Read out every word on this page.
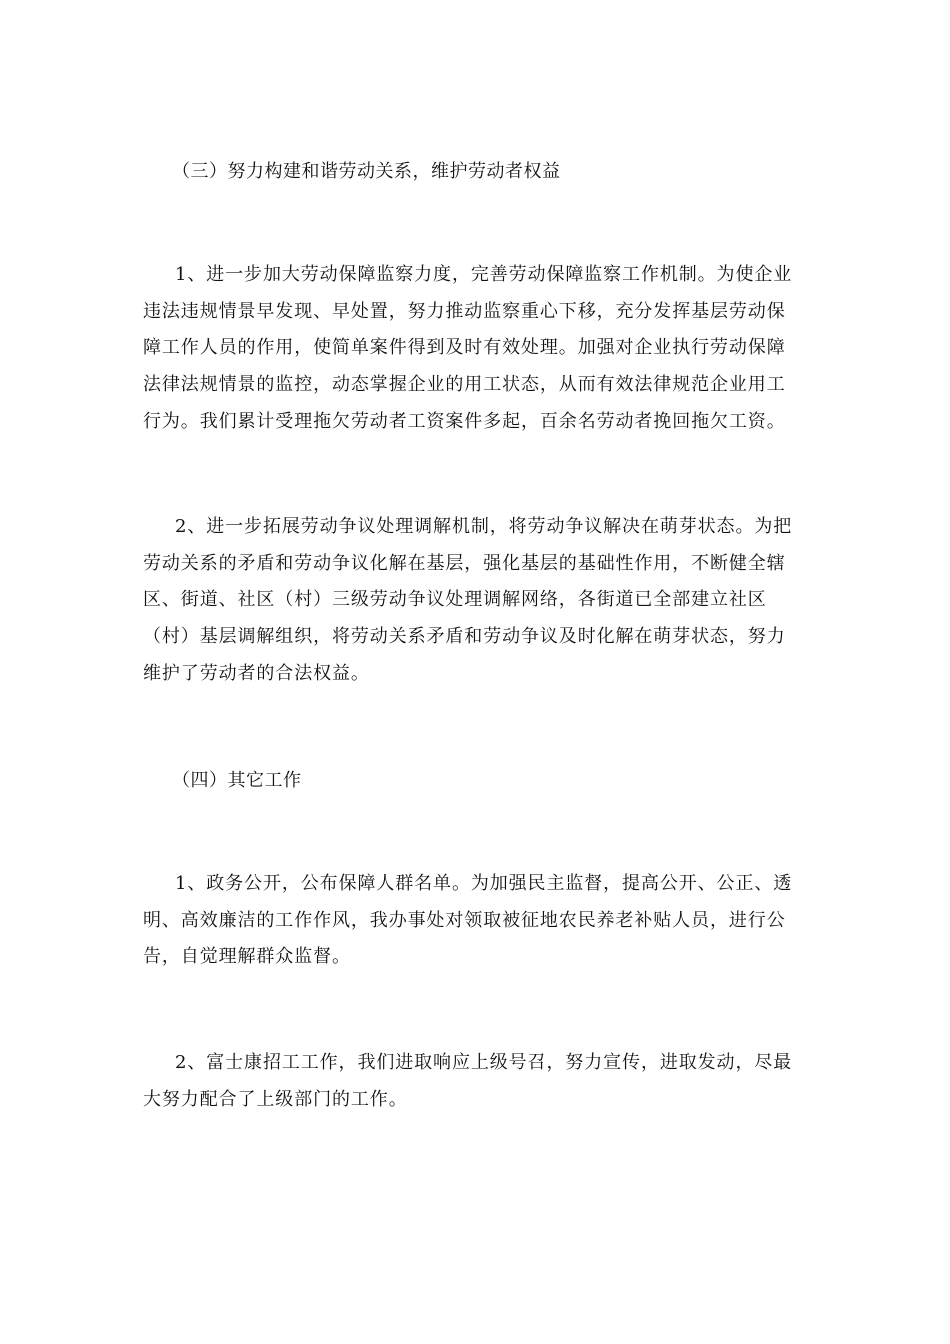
（三）努力构建和谐劳动关系，维护劳动者权益
1、进一步加大劳动保障监察力度，完善劳动保障监察工作机制。为使企业
违法违规情景早发现、早处置，努力推动监察重心下移，充分发挥基层劳动保
障工作人员的作用，使简单案件得到及时有效处理。加强对企业执行劳动保障
法律法规情景的监控，动态掌握企业的用工状态，从而有效法律规范企业用工
行为。我们累计受理拖欠劳动者工资案件多起，百余名劳动者挽回拖欠工资。
2、进一步拓展劳动争议处理调解机制，将劳动争议解决在萌芽状态。为把
劳动关系的矛盾和劳动争议化解在基层，强化基层的基础性作用，不断健全辖
区、街道、社区（村）三级劳动争议处理调解网络，各街道已全部建立社区
（村）基层调解组织，将劳动关系矛盾和劳动争议及时化解在萌芽状态，努力
维护了劳动者的合法权益。
（四）其它工作
1、政务公开，公布保障人群名单。为加强民主监督，提高公开、公正、透
明、高效廉洁的工作作风，我办事处对领取被征地农民养老补贴人员，进行公
告，自觉理解群众监督。
2、富士康招工工作，我们进取响应上级号召，努力宣传，进取发动，尽最
大努力配合了上级部门的工作。
